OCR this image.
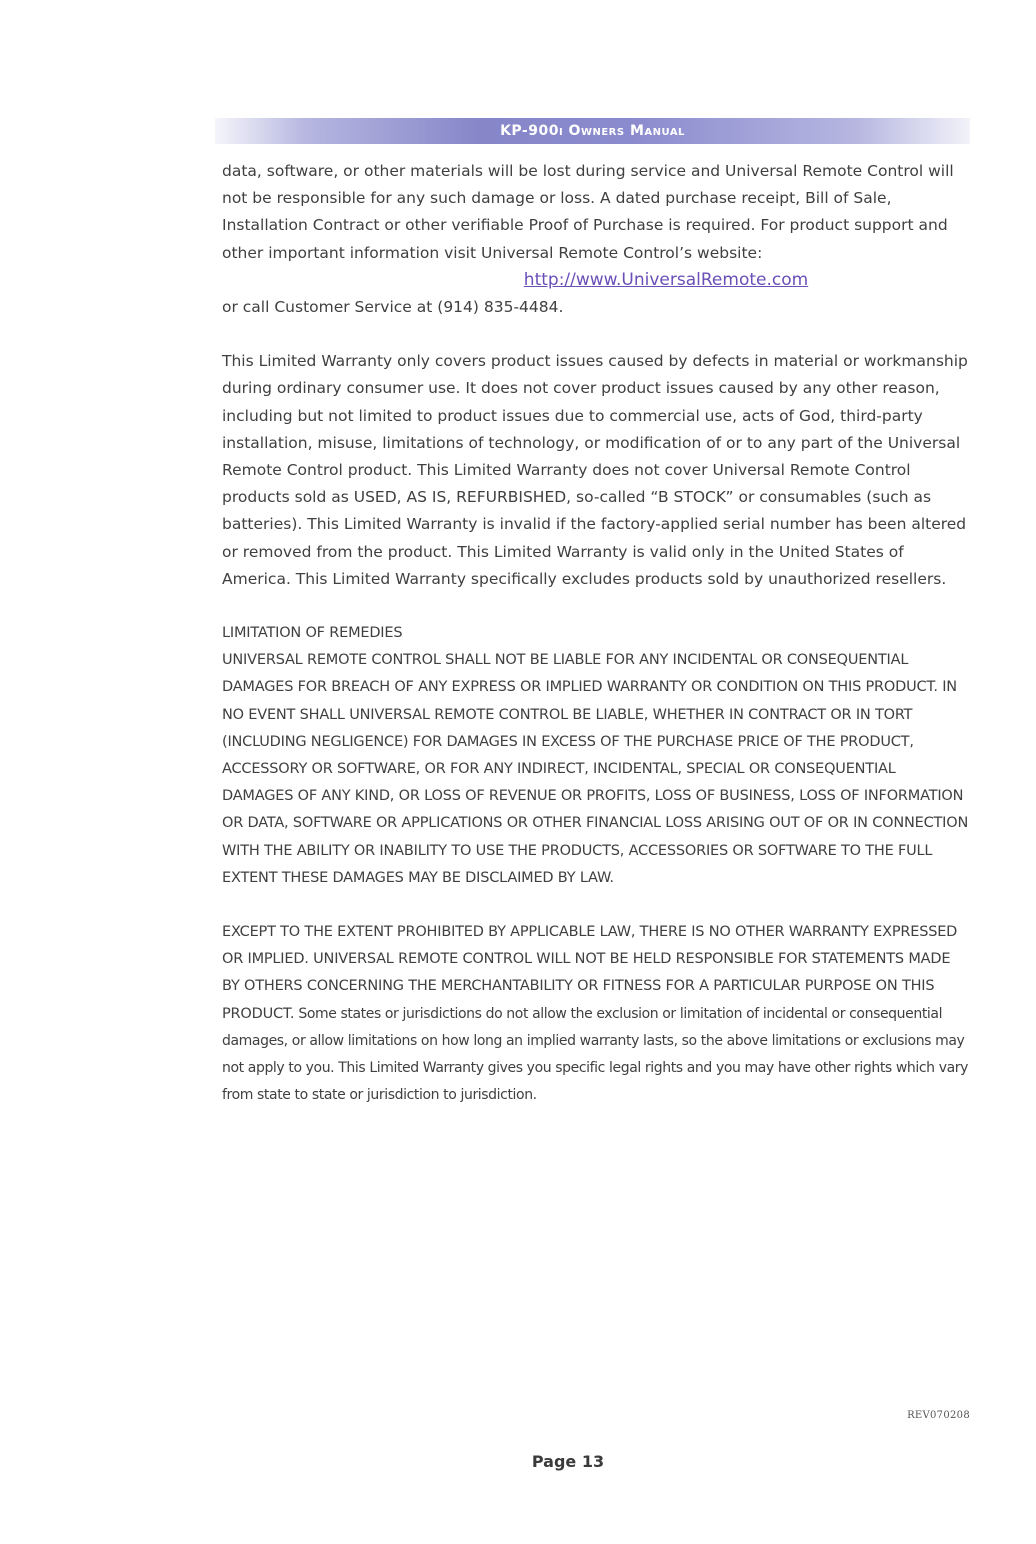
KP-900i Owners Manual

data, software, or other materials will be lost during service and Universal Remote Control will not be responsible for any such damage or loss. A dated purchase receipt, Bill of Sale, Installation Contract or other verifiable Proof of Purchase is required. For product support and other important information visit Universal Remote Control’s website:

http://www.UniversalRemote.com

or call Customer Service at (914) 835-4484.

This Limited Warranty only covers product issues caused by defects in material or workmanship during ordinary consumer use. It does not cover product issues caused by any other reason, including but not limited to product issues due to commercial use, acts of God, third-party installation, misuse, limitations of technology, or modification of or to any part of the Universal Remote Control product. This Limited Warranty does not cover Universal Remote Control products sold as USED, AS IS, REFURBISHED, so-called “B STOCK” or consumables (such as batteries). This Limited Warranty is invalid if the factory-applied serial number has been altered or removed from the product. This Limited Warranty is valid only in the United States of America. This Limited Warranty specifically excludes products sold by unauthorized resellers.

LIMITATION OF REMEDIES

UNIVERSAL REMOTE CONTROL SHALL NOT BE LIABLE FOR ANY INCIDENTAL OR CONSEQUENTIAL DAMAGES FOR BREACH OF ANY EXPRESS OR IMPLIED WARRANTY OR CONDITION ON THIS PRODUCT. IN NO EVENT SHALL UNIVERSAL REMOTE CONTROL BE LIABLE, WHETHER IN CONTRACT OR IN TORT (INCLUDING NEGLIGENCE) FOR DAMAGES IN EXCESS OF THE PURCHASE PRICE OF THE PRODUCT, ACCESSORY OR SOFTWARE, OR FOR ANY INDIRECT, INCIDENTAL, SPECIAL OR CONSEQUENTIAL DAMAGES OF ANY KIND, OR LOSS OF REVENUE OR PROFITS, LOSS OF BUSINESS, LOSS OF INFORMATION OR DATA, SOFTWARE OR APPLICATIONS OR OTHER FINANCIAL LOSS ARISING OUT OF OR IN CONNECTION WITH THE ABILITY OR INABILITY TO USE THE PRODUCTS, ACCESSORIES OR SOFTWARE TO THE FULL EXTENT THESE DAMAGES MAY BE DISCLAIMED BY LAW.

EXCEPT TO THE EXTENT PROHIBITED BY APPLICABLE LAW, THERE IS NO OTHER WARRANTY EXPRESSED OR IMPLIED. UNIVERSAL REMOTE CONTROL WILL NOT BE HELD RESPONSIBLE FOR STATEMENTS MADE BY OTHERS CONCERNING THE MERCHANTABILITY OR FITNESS FOR A PARTICULAR PURPOSE ON THIS PRODUCT. Some states or jurisdictions do not allow the exclusion or limitation of incidental or consequential damages, or allow limitations on how long an implied warranty lasts, so the above limitations or exclusions may not apply to you. This Limited Warranty gives you specific legal rights and you may have other rights which vary from state to state or jurisdiction to jurisdiction.

REV070208
Page 13
